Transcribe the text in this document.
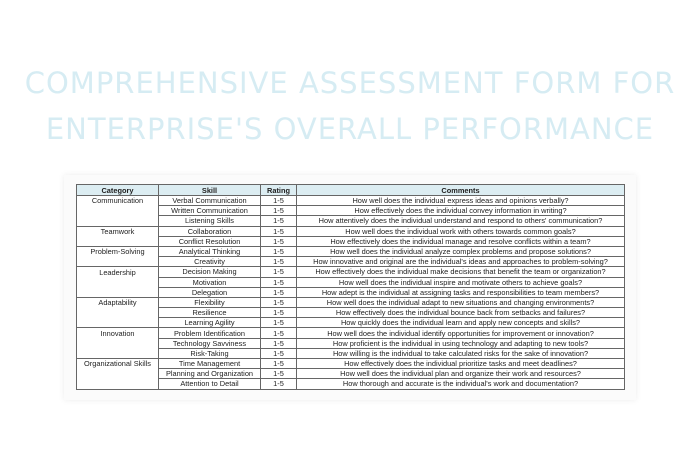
COMPREHENSIVE ASSESSMENT FORM FOR ENTERPRISE'S OVERALL PERFORMANCE
Category	Skill	Rating	Comments
Communication	Verbal Communication	1-5	How well does the individual express ideas and opinions verbally?
	Written Communication	1-5	How effectively does the individual convey information in writing?
	Listening Skills	1-5	How attentively does the individual understand and respond to others' communication?
Teamwork	Collaboration	1-5	How well does the individual work with others towards common goals?
	Conflict Resolution	1-5	How effectively does the individual manage and resolve conflicts within a team?
Problem-Solving	Analytical Thinking	1-5	How well does the individual analyze complex problems and propose solutions?
	Creativity	1-5	How innovative and original are the individual's ideas and approaches to problem-solving?
Leadership	Decision Making	1-5	How effectively does the individual make decisions that benefit the team or organization?
	Motivation	1-5	How well does the individual inspire and motivate others to achieve goals?
	Delegation	1-5	How adept is the individual at assigning tasks and responsibilities to team members?
Adaptability	Flexibility	1-5	How well does the individual adapt to new situations and changing environments?
	Resilience	1-5	How effectively does the individual bounce back from setbacks and failures?
	Learning Agility	1-5	How quickly does the individual learn and apply new concepts and skills?
Innovation	Problem Identification	1-5	How well does the individual identify opportunities for improvement or innovation?
	Technology Savviness	1-5	How proficient is the individual in using technology and adapting to new tools?
	Risk-Taking	1-5	How willing is the individual to take calculated risks for the sake of innovation?
Organizational Skills	Time Management	1-5	How effectively does the individual prioritize tasks and meet deadlines?
	Planning and Organization	1-5	How well does the individual plan and organize their work and resources?
	Attention to Detail	1-5	How thorough and accurate is the individual's work and documentation?
